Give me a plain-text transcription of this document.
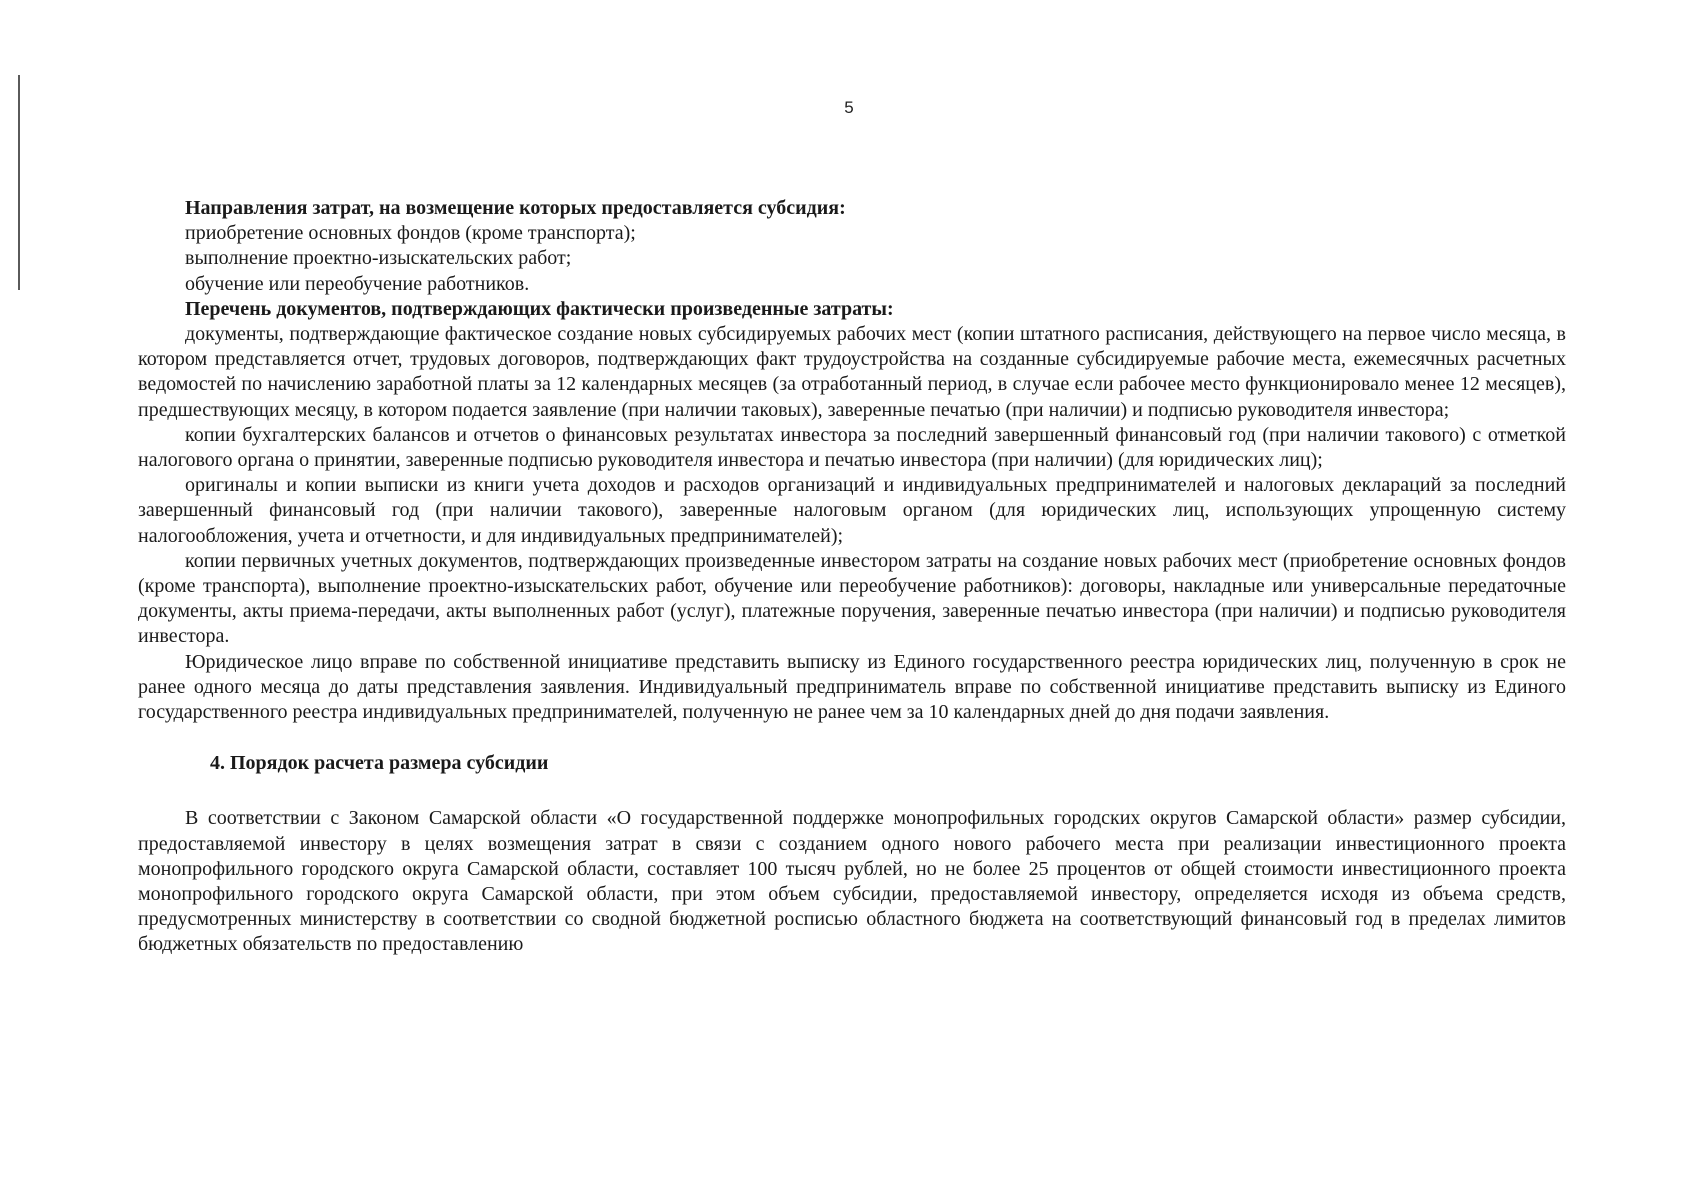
5

Направления затрат, на возмещение которых предоставляется субсидия:

приобретение основных фондов (кроме транспорта);

выполнение проектно-изыскательских работ;

обучение или переобучение работников.

Перечень документов, подтверждающих фактически произведенные затраты:

документы, подтверждающие фактическое создание новых субсидируемых рабочих мест (копии штатного расписания, действующего на первое число месяца, в котором представляется отчет, трудовых договоров, подтверждающих факт трудоустройства на созданные субсидируемые рабочие места, ежемесячных расчетных ведомостей по начислению заработной платы за 12 календарных месяцев (за отработанный период, в случае если рабочее место функционировало менее 12 месяцев), предшествующих месяцу, в котором подается заявление (при наличии таковых), заверенные печатью (при наличии) и подписью руководителя инвестора;

копии бухгалтерских балансов и отчетов о финансовых результатах инвестора за последний завершенный финансовый год (при наличии такового) с отметкой налогового органа о принятии, заверенные подписью руководителя инвестора и печатью инвестора (при наличии) (для юридических лиц);

оригиналы и копии выписки из книги учета доходов и расходов организаций и индивидуальных предпринимателей и налоговых деклараций за последний завершенный финансовый год (при наличии такового), заверенные налоговым органом (для юридических лиц, использующих упрощенную систему налогообложения, учета и отчетности, и для индивидуальных предпринимателей);

копии первичных учетных документов, подтверждающих произведенные инвестором затраты на создание новых рабочих мест (приобретение основных фондов (кроме транспорта), выполнение проектно-изыскательских работ, обучение или переобучение работников): договоры, накладные или универсальные передаточные документы, акты приема-передачи, акты выполненных работ (услуг), платежные поручения, заверенные печатью инвестора (при наличии) и подписью руководителя инвестора.

Юридическое лицо вправе по собственной инициативе представить выписку из Единого государственного реестра юридических лиц, полученную в срок не ранее одного месяца до даты представления заявления. Индивидуальный предприниматель вправе по собственной инициативе представить выписку из Единого государственного реестра индивидуальных предпринимателей, полученную не ранее чем за 10 календарных дней до дня подачи заявления.

4. Порядок расчета размера субсидии

В соответствии с Законом Самарской области «О государственной поддержке монопрофильных городских округов Самарской области» размер субсидии, предоставляемой инвестору в целях возмещения затрат в связи с созданием одного нового рабочего места при реализации инвестиционного проекта монопрофильного городского округа Самарской области, составляет 100 тысяч рублей, но не более 25 процентов от общей стоимости инвестиционного проекта монопрофильного городского округа Самарской области, при этом объем субсидии, предоставляемой инвестору, определяется исходя из объема средств, предусмотренных министерству в соответствии со сводной бюджетной росписью областного бюджета на соответствующий финансовый год в пределах лимитов бюджетных обязательств по предоставлению
